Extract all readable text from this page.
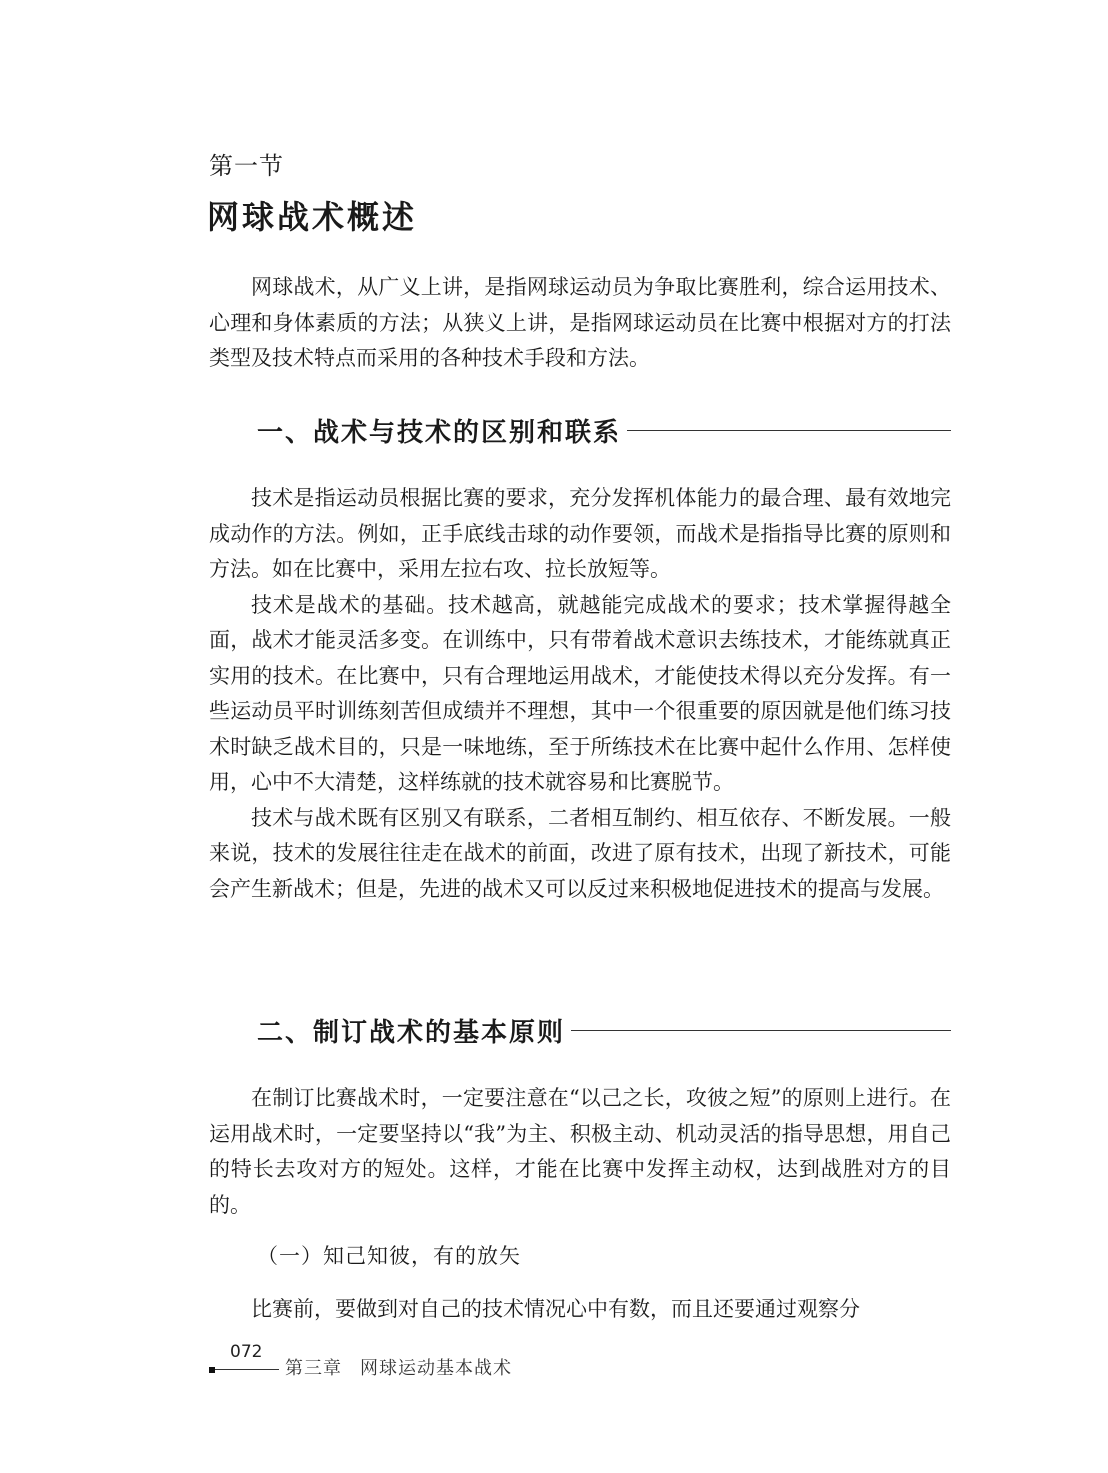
第一节
网球战术概述

网球战术，从广义上讲，是指网球运动员为争取比赛胜利，综合运用技术、心理和身体素质的方法；从狭义上讲，是指网球运动员在比赛中根据对方的打法类型及技术特点而采用的各种技术手段和方法。

一、战术与技术的区别和联系

技术是指运动员根据比赛的要求，充分发挥机体能力的最合理、最有效地完成动作的方法。例如，正手底线击球的动作要领，而战术是指指导比赛的原则和方法。如在比赛中，采用左拉右攻、拉长放短等。

技术是战术的基础。技术越高，就越能完成战术的要求；技术掌握得越全面，战术才能灵活多变。在训练中，只有带着战术意识去练技术，才能练就真正实用的技术。在比赛中，只有合理地运用战术，才能使技术得以充分发挥。有一些运动员平时训练刻苦但成绩并不理想，其中一个很重要的原因就是他们练习技术时缺乏战术目的，只是一味地练，至于所练技术在比赛中起什么作用、怎样使用，心中不大清楚，这样练就的技术就容易和比赛脱节。

技术与战术既有区别又有联系，二者相互制约、相互依存、不断发展。一般来说，技术的发展往往走在战术的前面，改进了原有技术，出现了新技术，可能会产生新战术；但是，先进的战术又可以反过来积极地促进技术的提高与发展。

二、制订战术的基本原则

在制订比赛战术时，一定要注意在“以己之长，攻彼之短”的原则上进行。在运用战术时，一定要坚持以“我”为主、积极主动、机动灵活的指导思想，用自己的特长去攻对方的短处。这样，才能在比赛中发挥主动权，达到战胜对方的目的。

（一）知己知彼，有的放矢

比赛前，要做到对自己的技术情况心中有数，而且还要通过观察分

072
第三章 网球运动基本战术
